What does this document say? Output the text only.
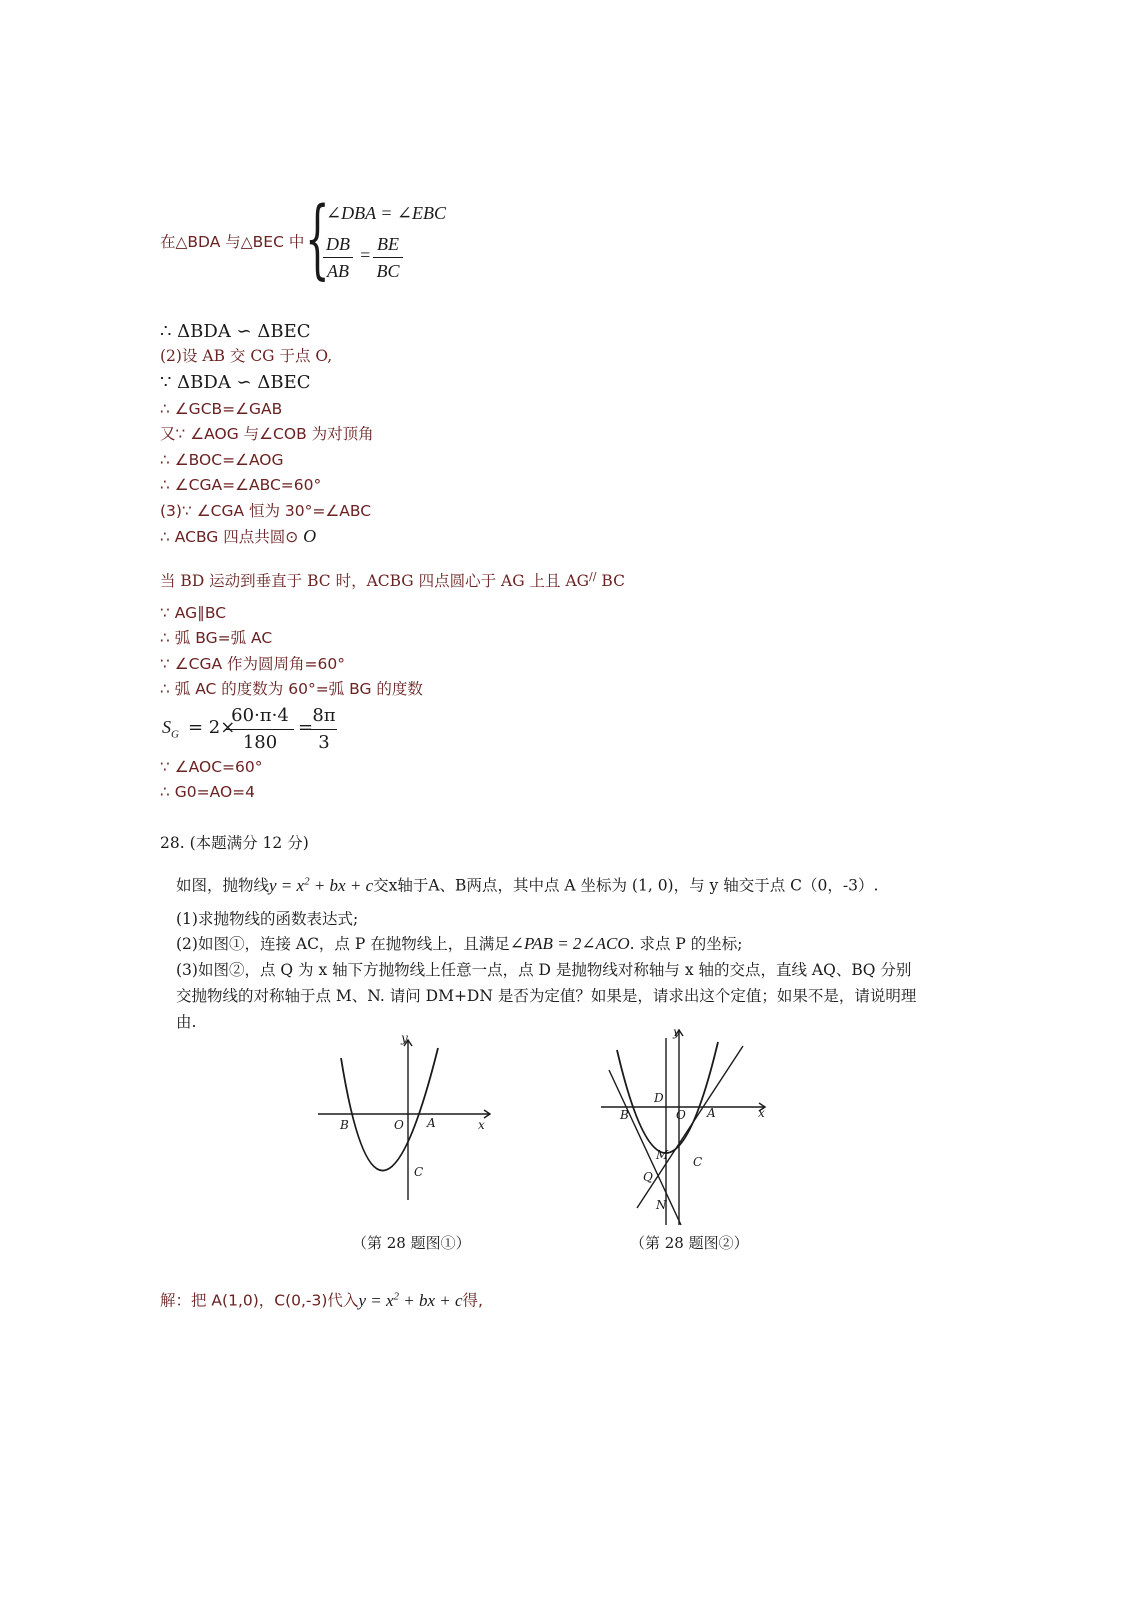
在△BDA 与△BEC 中 {
∠DBA = ∠EBC
DB
AB
=
BE
BC
∴ ΔBDA ∽ ΔBEC
(2)设 AB 交 CG 于点 O,
∵ ΔBDA ∽ ΔBEC
∴ ∠GCB=∠GAB
又∵ ∠AOG 与∠COB 为对顶角
∴ ∠BOC=∠AOG
∴ ∠CGA=∠ABC=60°
(3)∵ ∠CGA 恒为 30°=∠ABC
∴ ACBG 四点共圆⊙ O
当 BD 运动到垂直于 BC 时，ACBG 四点圆心于 AG 上且 AG// BC
∵ AG∥BC
∴ 弧 BG=弧 AC
∵ ∠CGA 作为圆周角=60°
∴ 弧 AC 的度数为 60°=弧 BG 的度数
$S_G = 2\times$
60·π·4
180
=
8π
3
∵ ∠AOC=60°
∴ G0=AO=4
28. (本题满分 12 分)
如图，抛物线$y = x^2$ + bx + c交x轴于A、B两点，其中点 A 坐标为 (1, 0)，与 y 轴交于点 C（0，-3）.
(1)求抛物线的函数表达式;
(2)如图①，连接 AC，点 P 在抛物线上，且满足∠PAB = 2∠ACO. 求点 P 的坐标;
(3)如图②，点 Q 为 x 轴下方抛物线上任意一点，点 D 是抛物线对称轴与 x 轴的交点，直线 AQ、BQ 分别
交抛物线的对称轴于点 M、N. 请问 DM+DN 是否为定值？如果是，请求出这个定值；如果不是，请说明理
由.
y
x
B	O A
C
（第 28 题图①）
y
x
B	O A
C
D
M
Q
N
（第 28 题图②）
解：把 A(1,0)，C(0,-3)代入$y = x^2$ + bx + c得,
